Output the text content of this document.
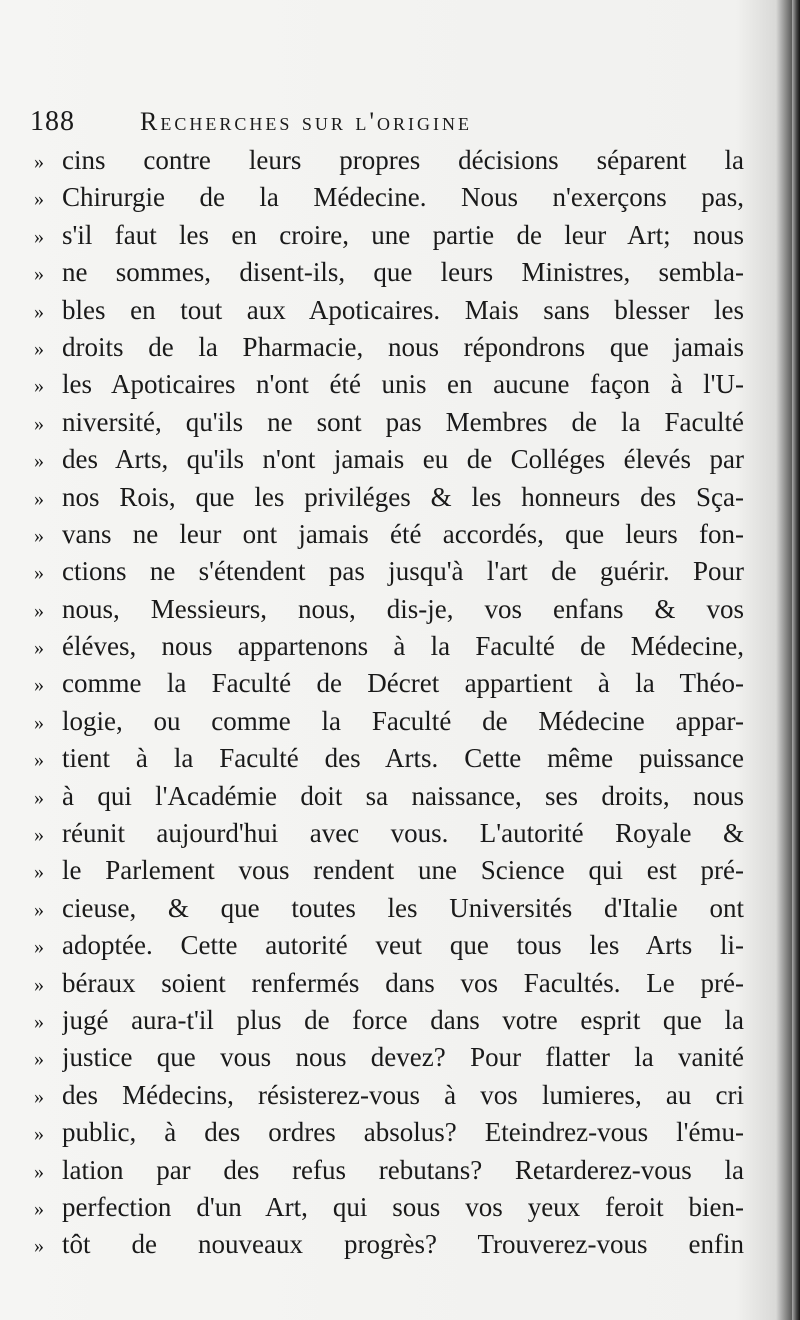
188	Recherches sur l'origine
» cins contre leurs propres décisions séparent la
» Chirurgie de la Médecine. Nous n'exerçons pas,
» s'il faut les en croire, une partie de leur Art; nous
» ne sommes, disent-ils, que leurs Ministres, sembla-
» bles en tout aux Apoticaires. Mais sans blesser les
» droits de la Pharmacie, nous répondrons que jamais
» les Apoticaires n'ont été unis en aucune façon à l'U-
» niversité, qu'ils ne sont pas Membres de la Faculté
» des Arts, qu'ils n'ont jamais eu de Colléges élevés par
» nos Rois, que les priviléges & les honneurs des Sça-
» vans ne leur ont jamais été accordés, que leurs fon-
» ctions ne s'étendent pas jusqu'à l'art de guérir. Pour
» nous, Messieurs, nous, dis-je, vos enfans & vos
» éléves, nous appartenons à la Faculté de Médecine,
» comme la Faculté de Décret appartient à la Théo-
» logie, ou comme la Faculté de Médecine appar-
» tient à la Faculté des Arts. Cette même puissance
» à qui l'Académie doit sa naissance, ses droits, nous
» réunit aujourd'hui avec vous. L'autorité Royale &
» le Parlement vous rendent une Science qui est pré-
» cieuse, & que toutes les Universités d'Italie ont
» adoptée. Cette autorité veut que tous les Arts li-
» béraux soient renfermés dans vos Facultés. Le pré-
» jugé aura-t'il plus de force dans votre esprit que la
» justice que vous nous devez? Pour flatter la vanité
» des Médecins, résisterez-vous à vos lumieres, au cri
» public, à des ordres absolus? Eteindrez-vous l'ému-
» lation par des refus rebutans? Retarderez-vous la
» perfection d'un Art, qui sous vos yeux feroit bien-
» tôt de nouveaux progrès? Trouverez-vous enfin
